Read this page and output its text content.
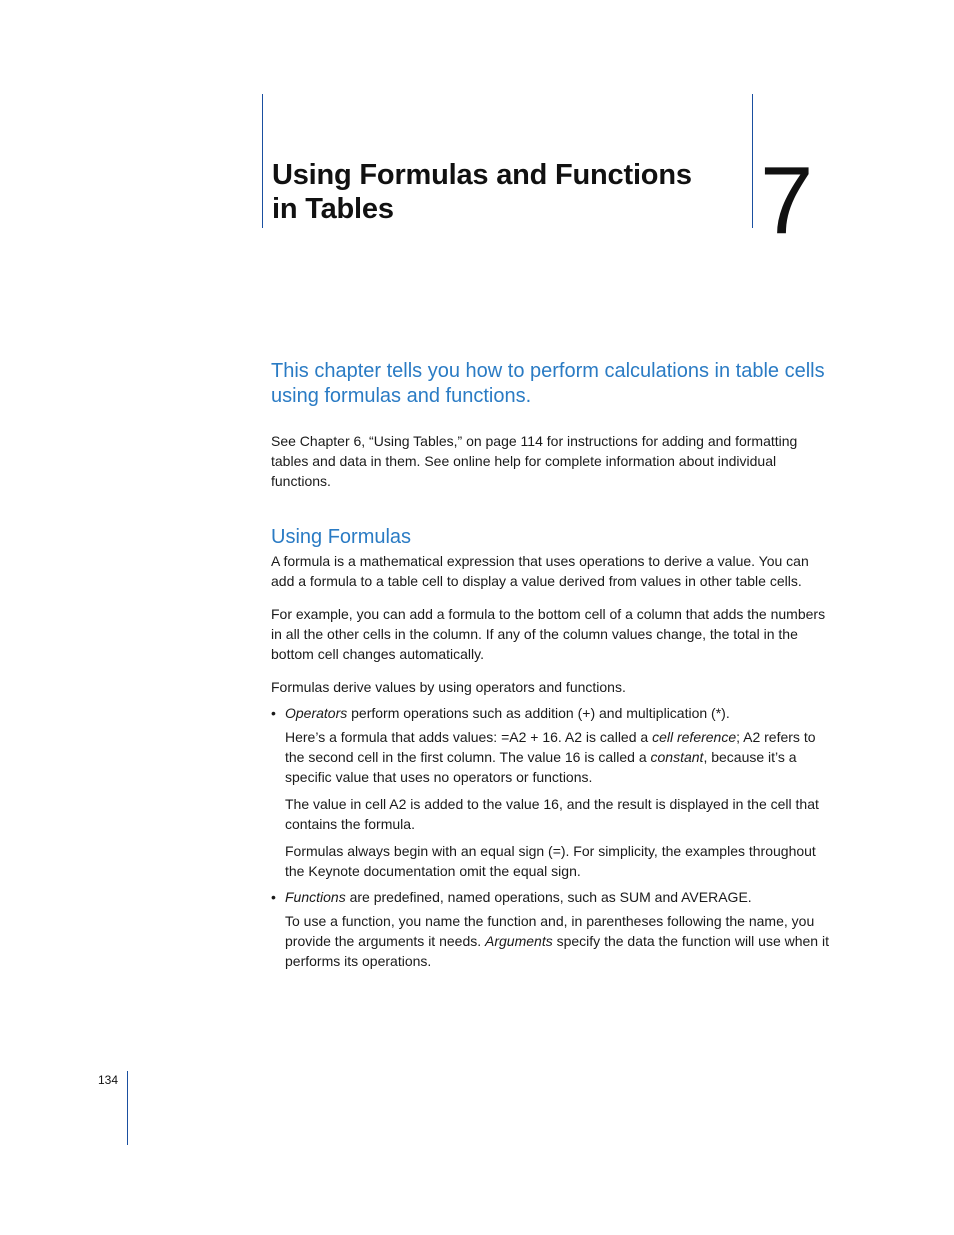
Using Formulas and Functions
in Tables	7

This chapter tells you how to perform calculations in table cells using formulas and functions.

See Chapter 6, “Using Tables,” on page 114 for instructions for adding and formatting tables and data in them. See online help for complete information about individual functions.

Using Formulas

A formula is a mathematical expression that uses operations to derive a value. You can add a formula to a table cell to display a value derived from values in other table cells.

For example, you can add a formula to the bottom cell of a column that adds the numbers in all the other cells in the column. If any of the column values change, the total in the bottom cell changes automatically.

Formulas derive values by using operators and functions.

• Operators perform operations such as addition (+) and multiplication (*).

Here’s a formula that adds values: =A2 + 16. A2 is called a cell reference; A2 refers to the second cell in the first column. The value 16 is called a constant, because it’s a specific value that uses no operators or functions.

The value in cell A2 is added to the value 16, and the result is displayed in the cell that contains the formula.

Formulas always begin with an equal sign (=). For simplicity, the examples throughout the Keynote documentation omit the equal sign.

• Functions are predefined, named operations, such as SUM and AVERAGE.

To use a function, you name the function and, in parentheses following the name, you provide the arguments it needs. Arguments specify the data the function will use when it performs its operations.

134
